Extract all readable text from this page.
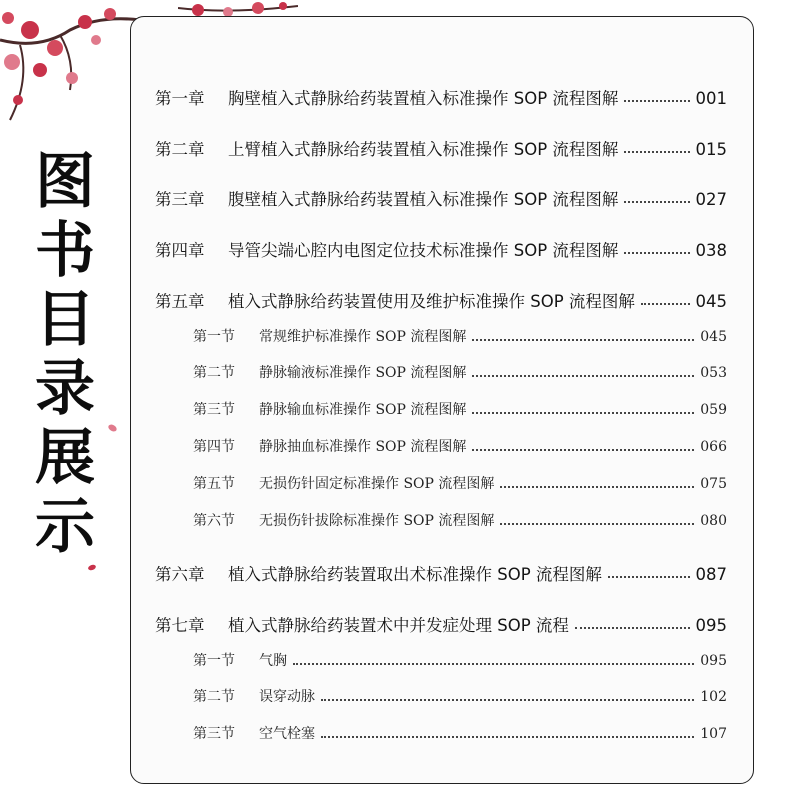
图
书
目
录
展
示
第一章	胸壁植入式静脉给药装置植入标准操作 SOP 流程图解	001
第二章	上臂植入式静脉给药装置植入标准操作 SOP 流程图解	015
第三章	腹壁植入式静脉给药装置植入标准操作 SOP 流程图解	027
第四章	导管尖端心腔内电图定位技术标准操作 SOP 流程图解	038
第五章	植入式静脉给药装置使用及维护标准操作 SOP 流程图解	045
第一节	常规维护标准操作 SOP 流程图解	045
第二节	静脉输液标准操作 SOP 流程图解	053
第三节	静脉输血标准操作 SOP 流程图解	059
第四节	静脉抽血标准操作 SOP 流程图解	066
第五节	无损伤针固定标准操作 SOP 流程图解	075
第六节	无损伤针拔除标准操作 SOP 流程图解	080
第六章	植入式静脉给药装置取出术标准操作 SOP 流程图解	087
第七章	植入式静脉给药装置术中并发症处理 SOP 流程	095
第一节	气胸	095
第二节	误穿动脉	102
第三节	空气栓塞	107
